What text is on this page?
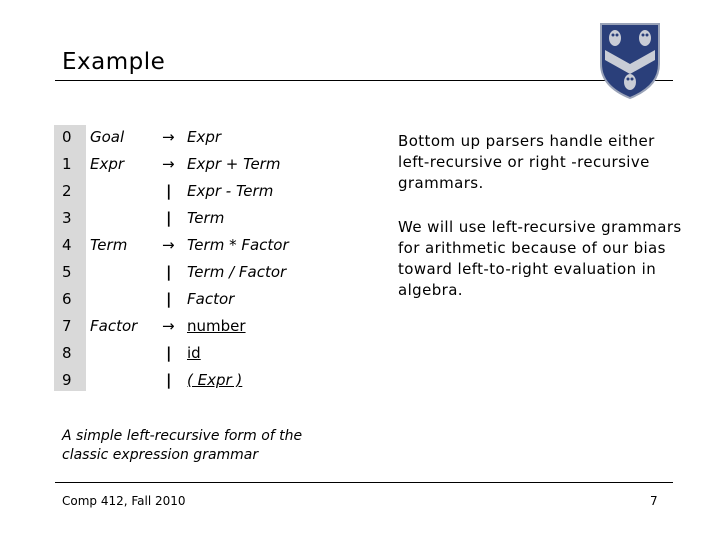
Example
0 Goal	→ Expr
1 Expr	→ Expr + Term
2	| Expr - Term
3	| Term
4 Term → Term * Factor
5	| Term / Factor
6	| Factor
7 Factor → number
8	| id
9	| ( Expr )
Bottom up parsers handle either left-recursive or right -recursive grammars.
We will use left-recursive grammars for arithmetic because of our bias toward left-to-right evaluation in algebra.
A simple left-recursive form of the classic expression grammar
Comp 412, Fall 2010	7
